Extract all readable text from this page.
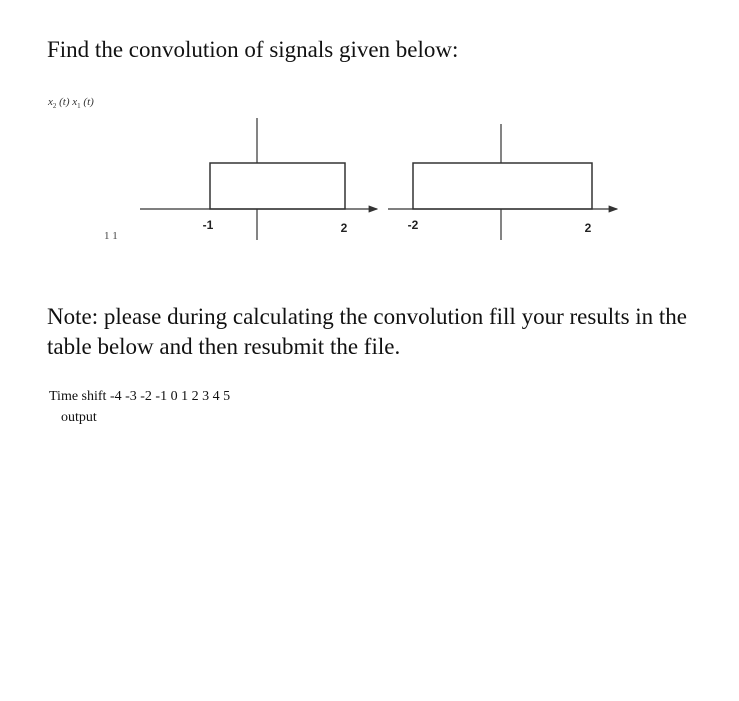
Find the convolution of signals given below:
$x_2$ (t) $x_1$ (t)
1 1
-1	2	-2	2
Note: please during calculating the convolution fill your results in the table below and then resubmit the file.
Time shift -4 -3 -2 -1 0 1 2 3 4 5
output
